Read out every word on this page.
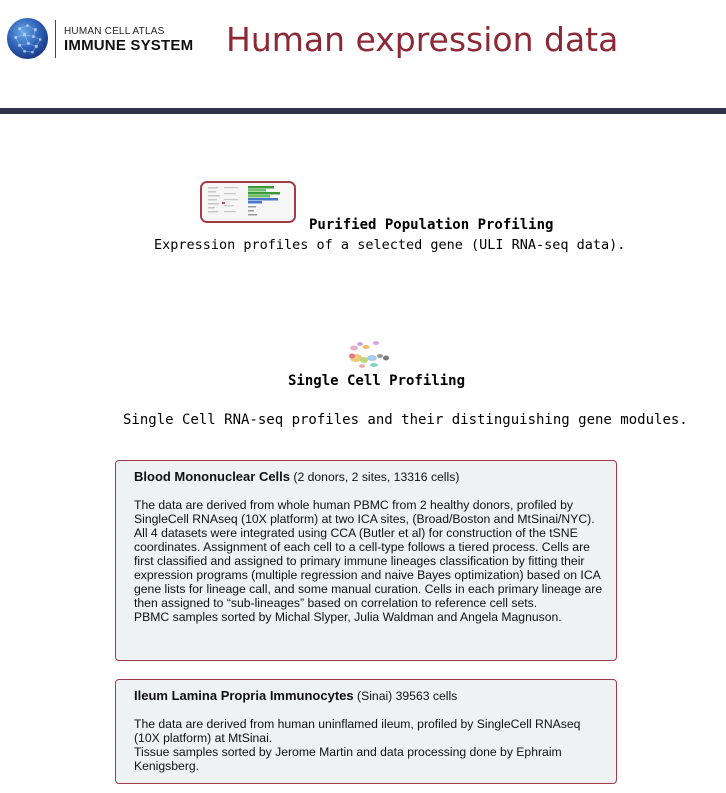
HUMAN CELL ATLAS
IMMUNE SYSTEM Human expression data
Purified Population Profiling
Expression profiles of a selected gene (ULI RNA-seq data).
Single Cell Profiling
Single Cell RNA-seq profiles and their distinguishing gene modules.
Blood Mononuclear Cells (2 donors, 2 sites, 13316 cells)

The data are derived from whole human PBMC from 2 healthy donors, profiled by SingleCell RNAseq (10X platform) at two ICA sites, (Broad/Boston and MtSinai/NYC). All 4 datasets were integrated using CCA (Butler et al) for construction of the tSNE coordinates. Assignment of each cell to a cell-type follows a tiered process. Cells are first classified and assigned to primary immune lineages classification by fitting their expression programs (multiple regression and naive Bayes optimization) based on ICA gene lists for lineage call, and some manual curation. Cells in each primary lineage are then assigned to “sub-lineages” based on correlation to reference cell sets.

PBMC samples sorted by Michal Slyper, Julia Waldman and Angela Magnuson.

Ileum Lamina Propria Immunocytes (Sinai) 39563 cells

The data are derived from human uninflamed ileum, profiled by SingleCell RNAseq (10X platform) at MtSinai.

Tissue samples sorted by Jerome Martin and data processing done by Ephraim Kenigsberg.
